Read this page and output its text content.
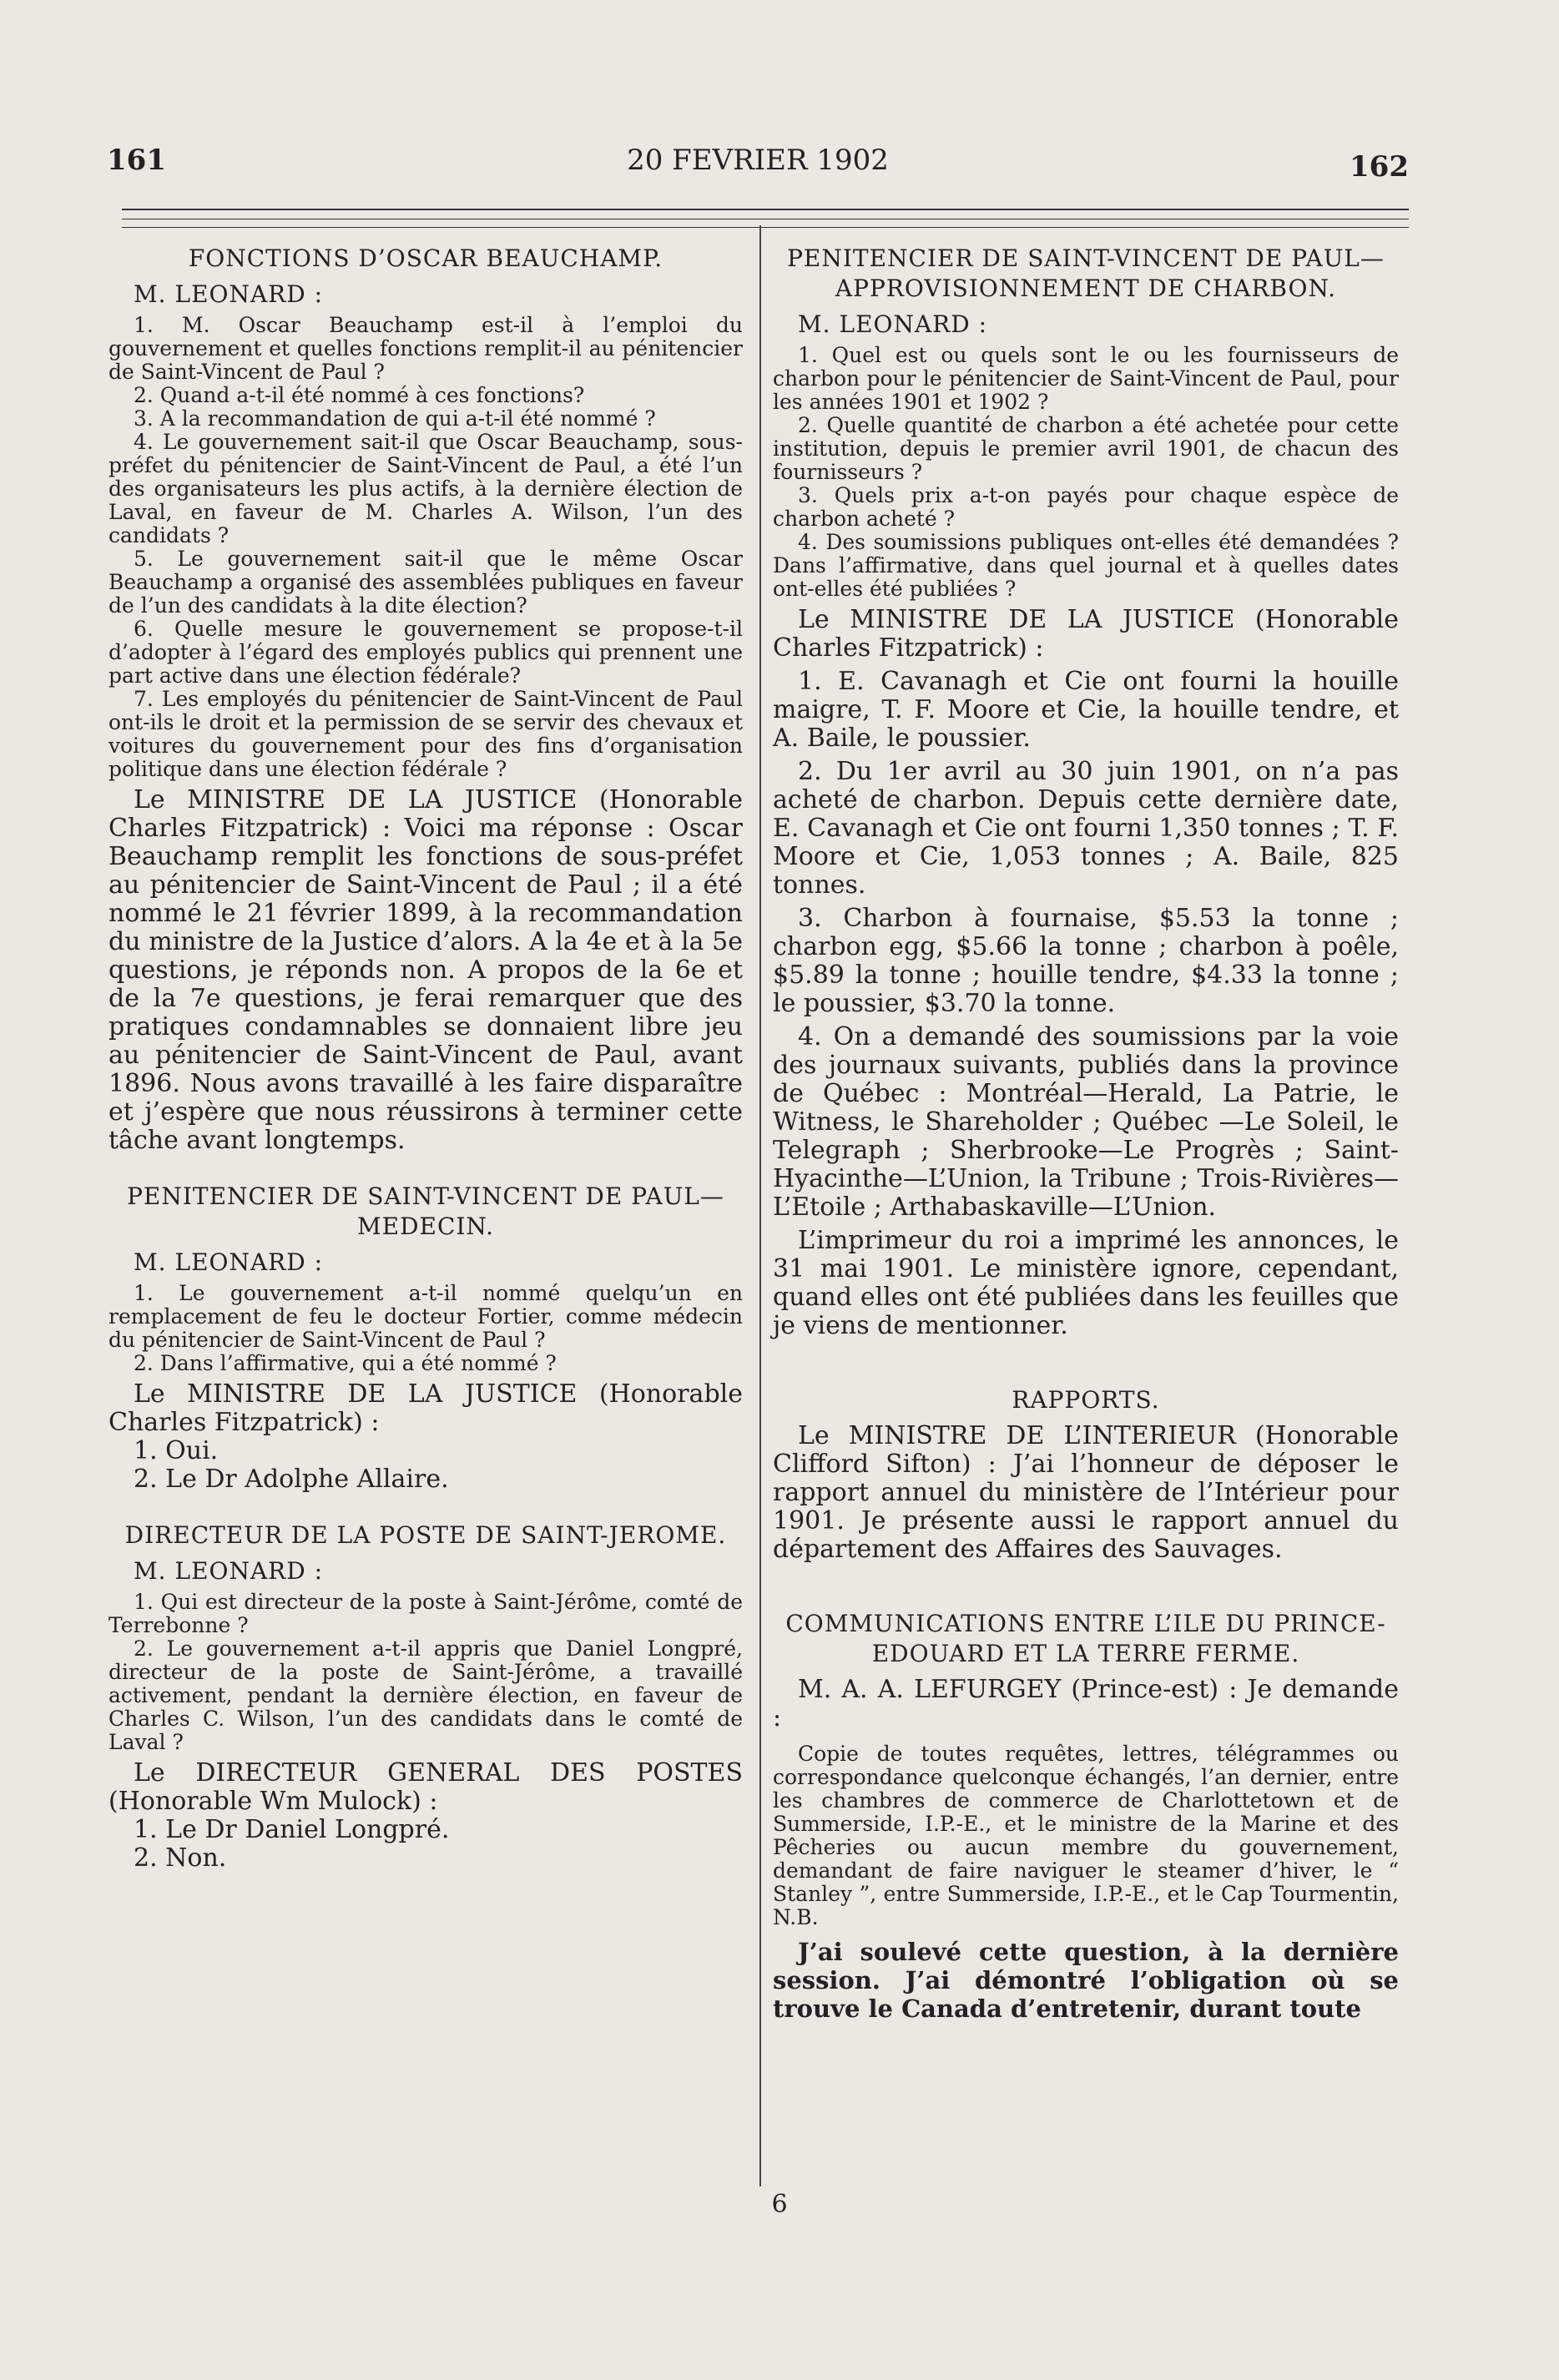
161	20 FEVRIER 1902	162
FONCTIONS D’OSCAR BEAUCHAMP.
M. LEONARD :

1. M. Oscar Beauchamp est-il à l’emploi du gouvernement et quelles fonctions remplit-il au pénitencier de Saint-Vincent de Paul ?

2. Quand a-t-il été nommé à ces fonctions?

3. A la recommandation de qui a-t-il été nommé ?

4. Le gouvernement sait-il que Oscar Beauchamp, sous-préfet du pénitencier de Saint-Vincent de Paul, a été l’un des organisateurs les plus actifs, à la dernière élection de Laval, en faveur de M. Charles A. Wilson, l’un des candidats ?

5. Le gouvernement sait-il que le même Oscar Beauchamp a organisé des assemblées publiques en faveur de l’un des candidats à la dite élection?

6. Quelle mesure le gouvernement se propose-t-il d’adopter à l’égard des employés publics qui prennent une part active dans une élection fédérale?

7. Les employés du pénitencier de Saint-Vincent de Paul ont-ils le droit et la permission de se servir des chevaux et voitures du gouvernement pour des fins d’organisation politique dans une élection fédérale ?

Le MINISTRE DE LA JUSTICE (Honorable Charles Fitzpatrick) : Voici ma réponse : Oscar Beauchamp remplit les fonctions de sous-préfet au pénitencier de Saint-Vincent de Paul ; il a été nommé le 21 février 1899, à la recommandation du ministre de la Justice d’alors. A la 4e et à la 5e questions, je réponds non. A propos de la 6e et de la 7e questions, je ferai remarquer que des pratiques condamnables se donnaient libre jeu au pénitencier de Saint-Vincent de Paul, avant 1896. Nous avons travaillé à les faire disparaître et j’espère que nous réussirons à terminer cette tâche avant longtemps.

PENITENCIER DE SAINT-VINCENT DE PAUL—MEDECIN.
M. LEONARD :

1. Le gouvernement a-t-il nommé quelqu’un en remplacement de feu le docteur Fortier, comme médecin du pénitencier de Saint-Vincent de Paul ?

2. Dans l’affirmative, qui a été nommé ?

Le MINISTRE DE LA JUSTICE (Honorable Charles Fitzpatrick) :

1. Oui.
2. Le Dr Adolphe Allaire.
DIRECTEUR DE LA POSTE DE SAINT-JEROME.
M. LEONARD :

1. Qui est directeur de la poste à Saint-Jérôme, comté de Terrebonne ?

2. Le gouvernement a-t-il appris que Daniel Longpré, directeur de la poste de Saint-Jérôme, a travaillé activement, pendant la dernière élection, en faveur de Charles C. Wilson, l’un des candidats dans le comté de Laval ?

Le DIRECTEUR GENERAL DES POSTES (Honorable Wm Mulock) :

1. Le Dr Daniel Longpré.
2. Non.
PENITENCIER DE SAINT-VINCENT DE PAUL—APPROVISIONNEMENT DE CHARBON.
M. LEONARD :

1. Quel est ou quels sont le ou les fournisseurs de charbon pour le pénitencier de Saint-Vincent de Paul, pour les années 1901 et 1902 ?

2. Quelle quantité de charbon a été achetée pour cette institution, depuis le premier avril 1901, de chacun des fournisseurs ?

3. Quels prix a-t-on payés pour chaque espèce de charbon acheté ?

4. Des soumissions publiques ont-elles été demandées ? Dans l’affirmative, dans quel journal et à quelles dates ont-elles été publiées ?

Le MINISTRE DE LA JUSTICE (Honorable Charles Fitzpatrick) :

1. E. Cavanagh et Cie ont fourni la houille maigre, T. F. Moore et Cie, la houille tendre, et A. Baile, le poussier.

2. Du 1er avril au 30 juin 1901, on n’a pas acheté de charbon. Depuis cette dernière date, E. Cavanagh et Cie ont fourni 1,350 tonnes ; T. F. Moore et Cie, 1,053 tonnes ; A. Baile, 825 tonnes.

3. Charbon à fournaise, $5.53 la tonne ; charbon egg, $5.66 la tonne ; charbon à poêle, $5.89 la tonne ; houille tendre, $4.33 la tonne ; le poussier, $3.70 la tonne.

4. On a demandé des soumissions par la voie des journaux suivants, publiés dans la province de Québec : Montréal—Herald, La Patrie, le Witness, le Shareholder ; Québec —Le Soleil, le Telegraph ; Sherbrooke—Le Progrès ; Saint-Hyacinthe—L’Union, la Tribune ; Trois-Rivières—L’Etoile ; Arthabaskaville—L’Union.

L’imprimeur du roi a imprimé les annonces, le 31 mai 1901. Le ministère ignore, cependant, quand elles ont été publiées dans les feuilles que je viens de mentionner.

RAPPORTS.

Le MINISTRE DE L’INTERIEUR (Honorable Clifford Sifton) : J’ai l’honneur de déposer le rapport annuel du ministère de l’Intérieur pour 1901. Je présente aussi le rapport annuel du département des Affaires des Sauvages.

COMMUNICATIONS ENTRE L’ILE DU PRINCE-EDOUARD ET LA TERRE FERME.

M. A. A. LEFURGEY (Prince-est) : Je demande :

Copie de toutes requêtes, lettres, télégrammes ou correspondance quelconque échangés, l’an dernier, entre les chambres de commerce de Charlottetown et de Summerside, I.P.-E., et le ministre de la Marine et des Pêcheries ou aucun membre du gouvernement, demandant de faire naviguer le steamer d’hiver, le “ Stanley ”, entre Summerside, I.P.-E., et le Cap Tourmentin, N.B.

J’ai soulevé cette question, à la dernière session. J’ai démontré l’obligation où se trouve le Canada d’entretenir, durant toute

6
